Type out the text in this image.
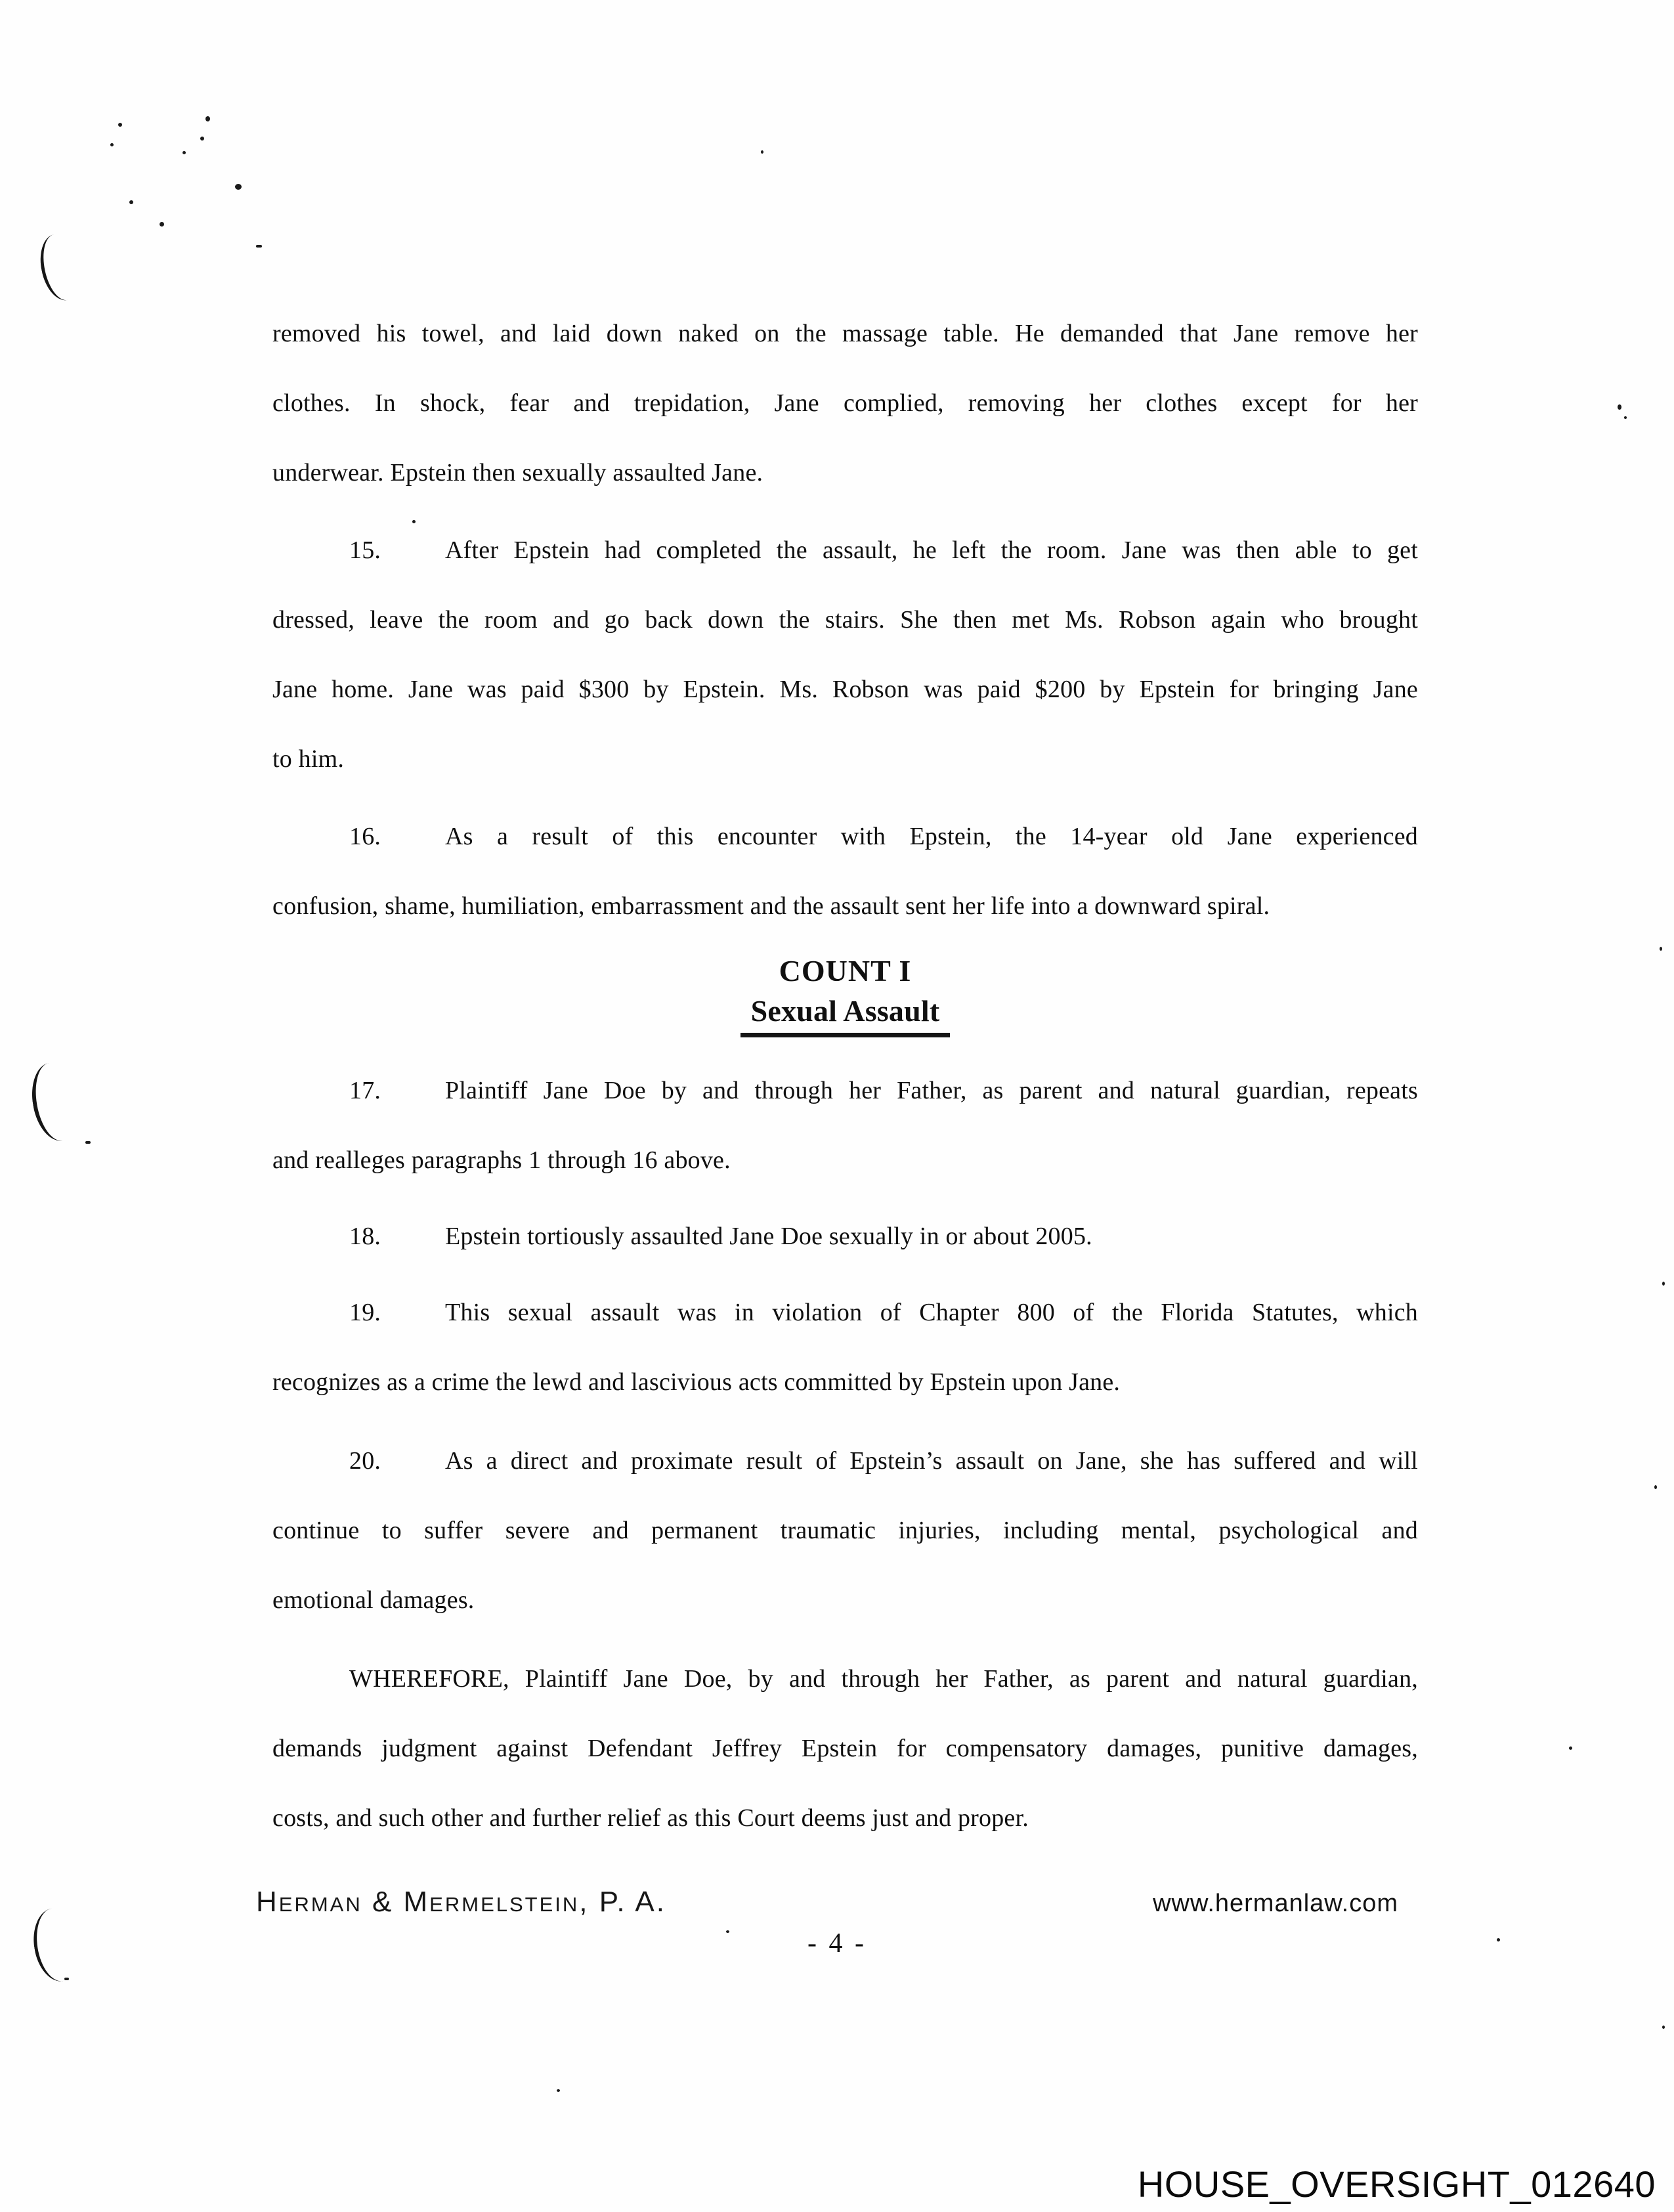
removed his towel, and laid down naked on the massage table. He demanded that Jane remove her
clothes. In shock, fear and trepidation, Jane complied, removing her clothes except for her
underwear. Epstein then sexually assaulted Jane.
15.	After Epstein had completed the assault, he left the room. Jane was then able to get
dressed, leave the room and go back down the stairs. She then met Ms. Robson again who brought
Jane home. Jane was paid $300 by Epstein. Ms. Robson was paid $200 by Epstein for bringing Jane
to him.
16.	As a result of this encounter with Epstein, the 14-year old Jane experienced
confusion, shame, humiliation, embarrassment and the assault sent her life into a downward spiral.
COUNT I
Sexual Assault
17.	Plaintiff Jane Doe by and through her Father, as parent and natural guardian, repeats
and realleges paragraphs 1 through 16 above.
18.	Epstein tortiously assaulted Jane Doe sexually in or about 2005.
19.	This sexual assault was in violation of Chapter 800 of the Florida Statutes, which
recognizes as a crime the lewd and lascivious acts committed by Epstein upon Jane.
20.	As a direct and proximate result of Epstein’s assault on Jane, she has suffered and will
continue to suffer severe and permanent traumatic injuries, including mental, psychological and
emotional damages.
WHEREFORE, Plaintiff Jane Doe, by and through her Father, as parent and natural guardian,
demands judgment against Defendant Jeffrey Epstein for compensatory damages, punitive damages,
costs, and such other and further relief as this Court deems just and proper.
Herman & Mermelstein, P. A.	www.hermanlaw.com
- 4 -
HOUSE_OVERSIGHT_012640
